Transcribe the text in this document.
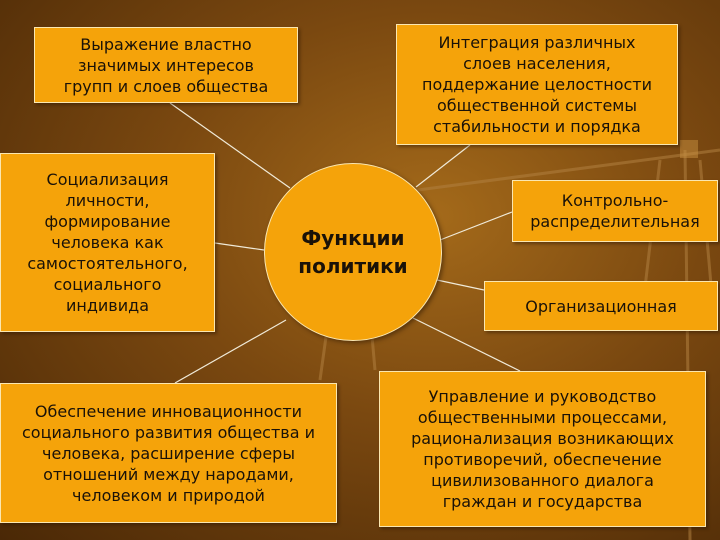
Выражение властно
значимых интересов
групп и слоев общества
Интеграция различных
слоев населения,
поддержание целостности
общественной системы
стабильности и порядка
Социализация
личности,
формирование
человека как
самостоятельного,
социального
индивида
Функции
политики
Контрольно-
распределительная
Организационная
Обеспечение инновационности
социального развития общества и
человека, расширение сферы
отношений между народами,
человеком и природой
Управление и руководство
общественными процессами,
рационализация возникающих
противоречий, обеспечение
цивилизованного диалога
граждан и государства
